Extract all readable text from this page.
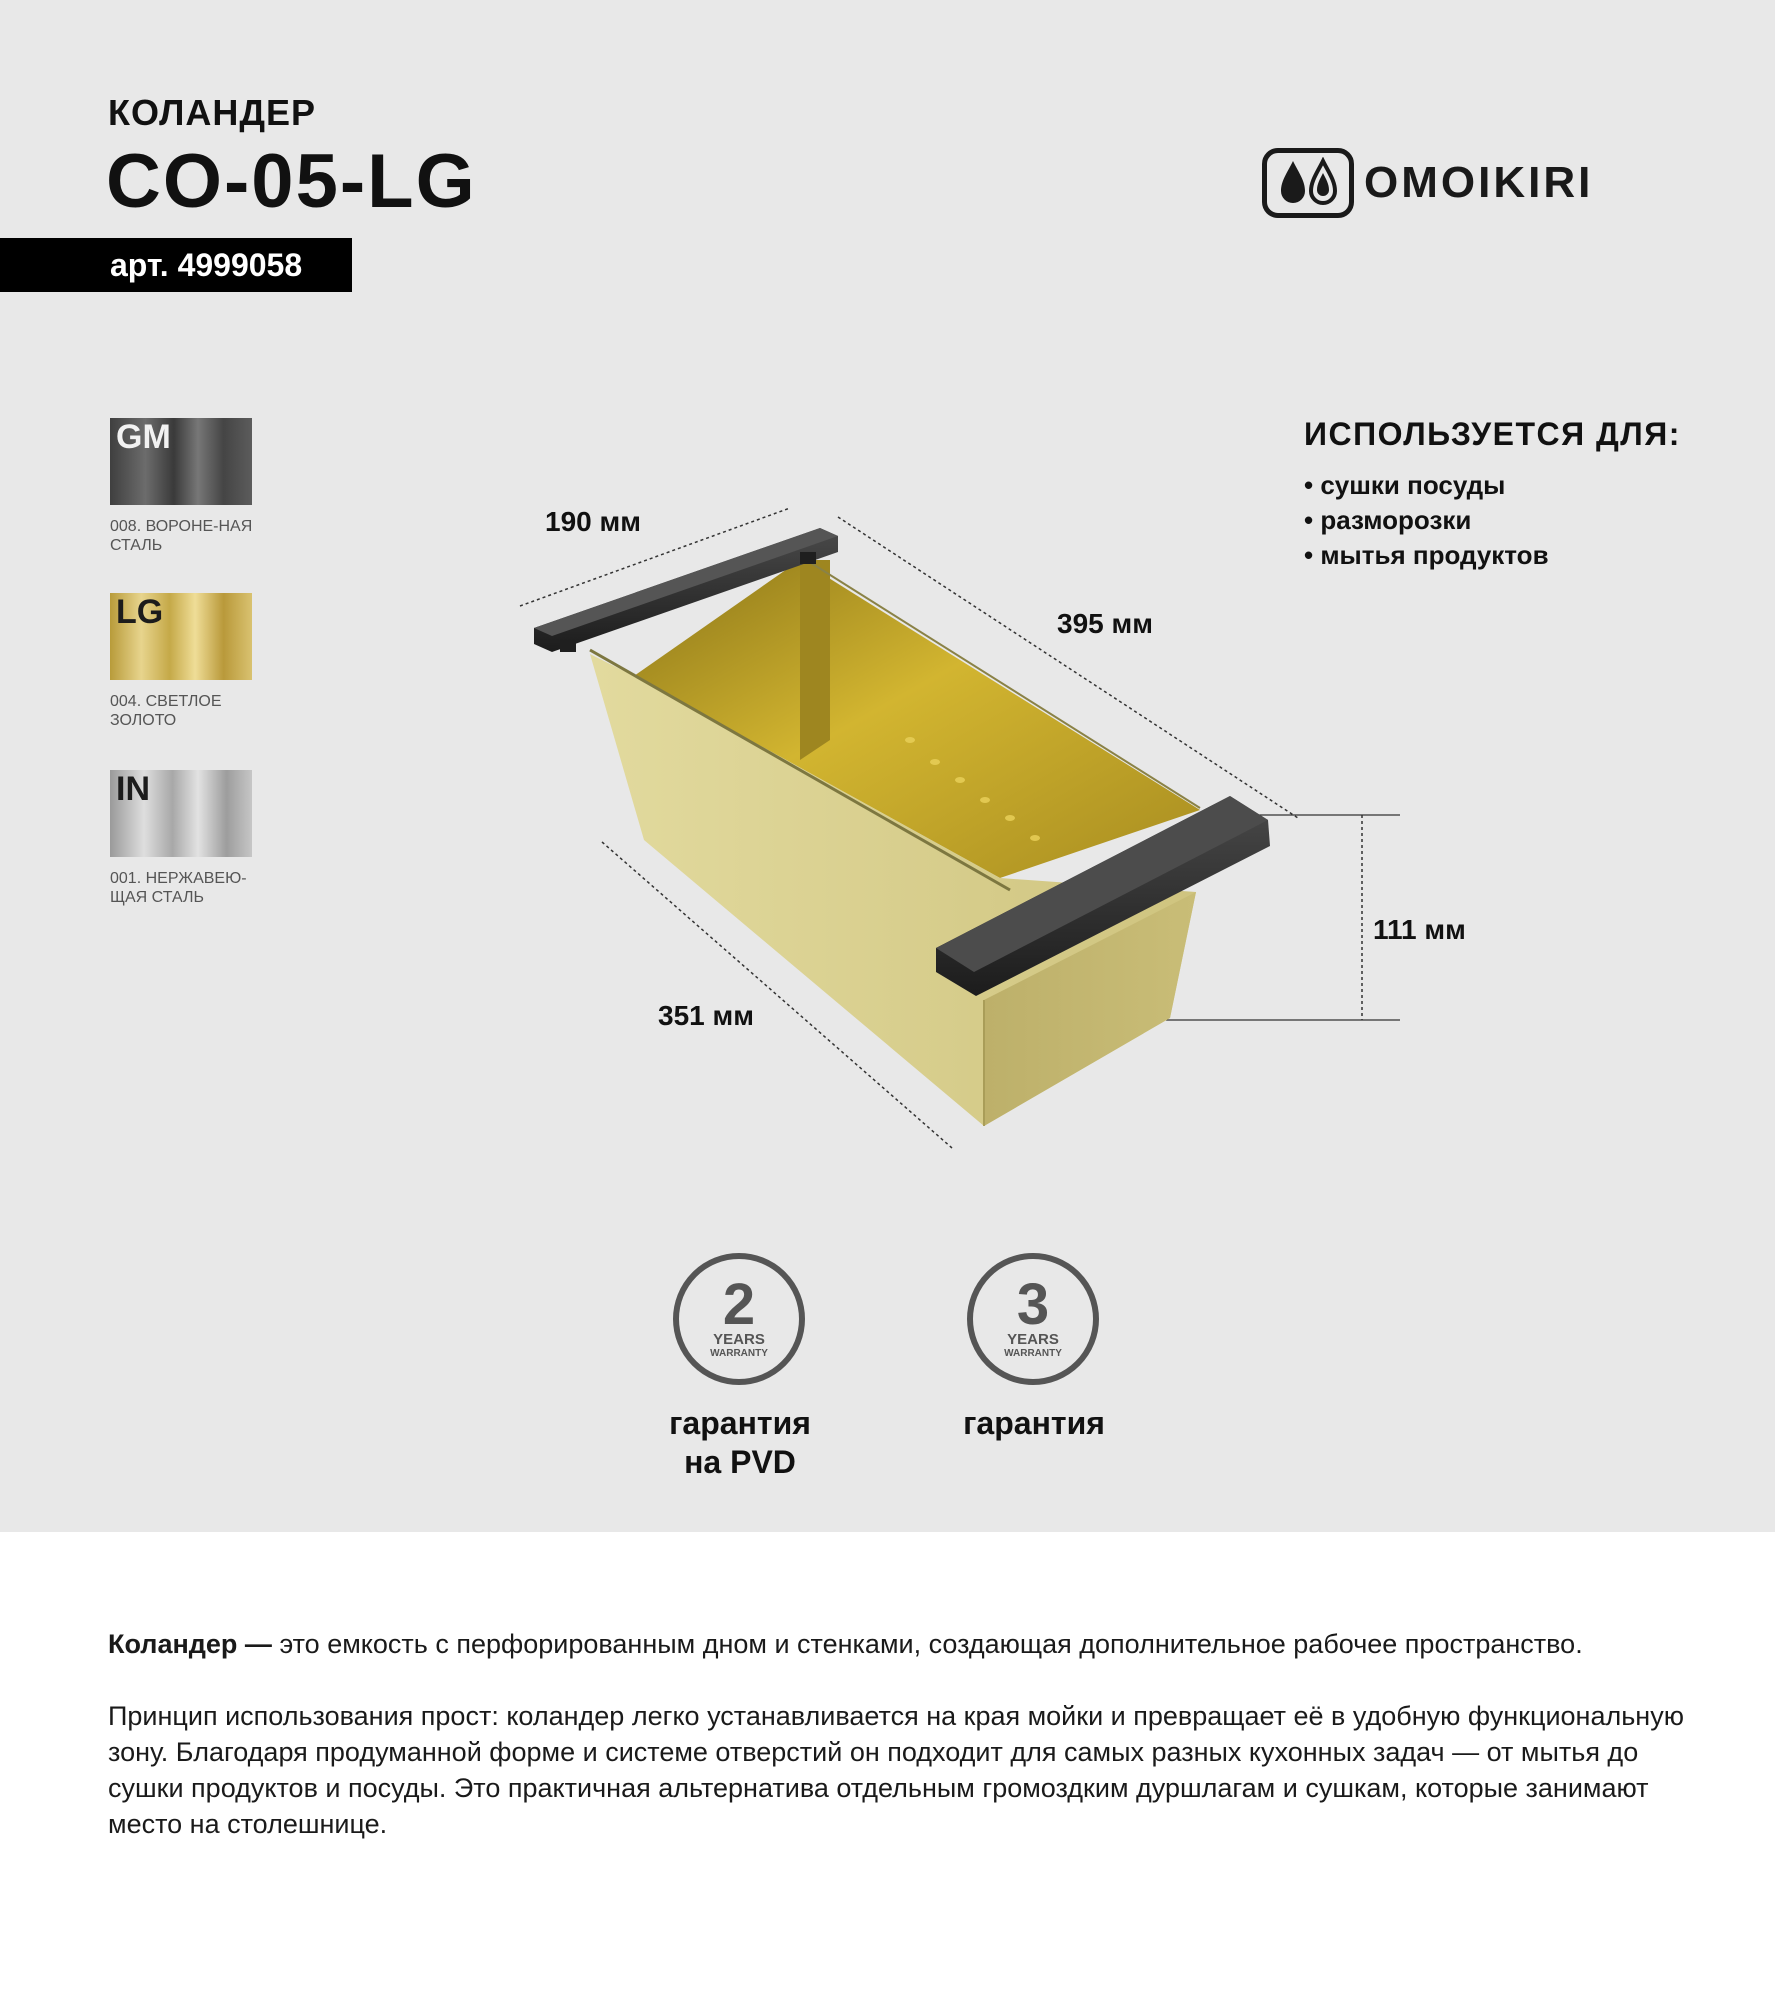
КОЛАНДЕР
CO-05-LG
арт. 4999058
OMOIKIRI
GM
008. ВОРОНЕ-НАЯ СТАЛЬ
LG
004. СВЕТЛОЕ ЗОЛОТО
IN
001. НЕРЖАВЕЮ-ЩАЯ СТАЛЬ
ИСПОЛЬЗУЕТСЯ ДЛЯ:
• сушки посуды
• разморозки
• мытья продуктов
190 мм
395 мм
351 мм
111 мм
2
YEARS
WARRANTY
гарантия
на PVD
3
YEARS
WARRANTY
гарантия

Коландер — это емкость с перфорированным дном и стенками, создающая дополнительное рабочее пространство.

Принцип использования прост: коландер легко устанавливается на края мойки и превращает её в удобную функциональную зону. Благодаря продуманной форме и системе отверстий он подходит для самых разных кухонных задач — от мытья до сушки продуктов и посуды. Это практичная альтернатива отдельным громоздким дуршлагам и сушкам, которые занимают место на столешнице.
